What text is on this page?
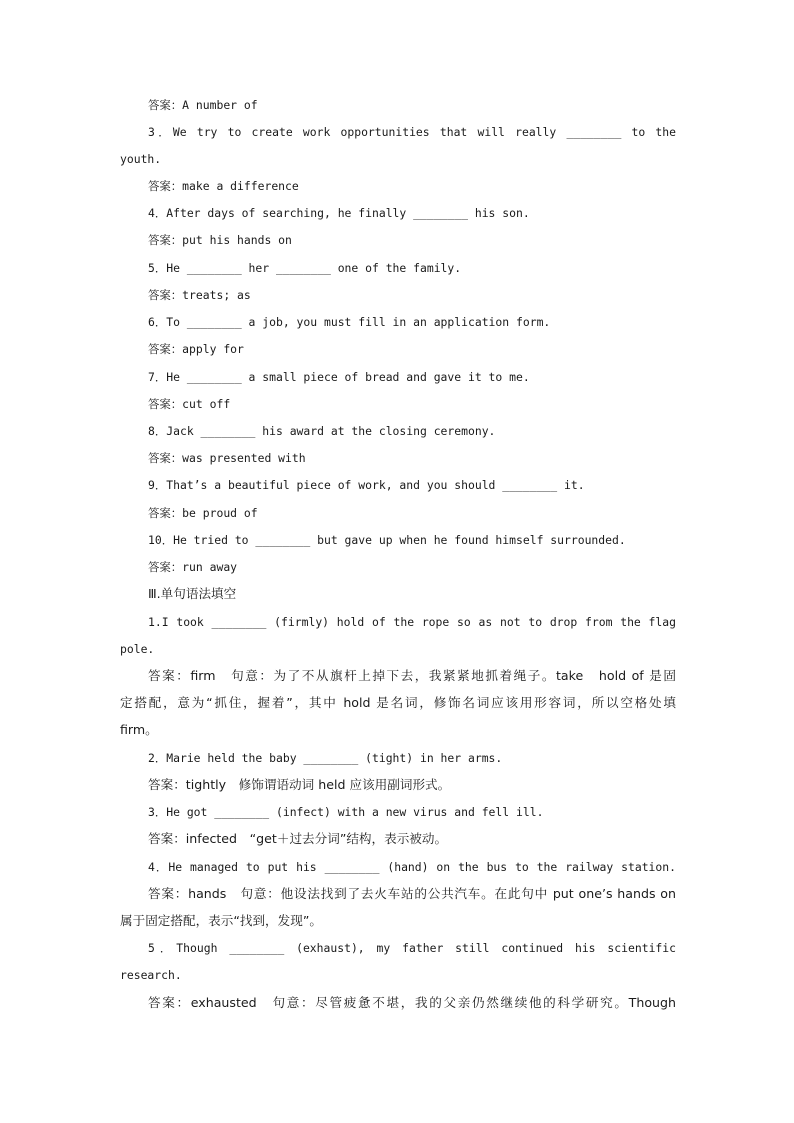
答案：A number of
3．We try to create work opportunities that will really ________ to the
youth.
答案：make a difference
4．After days of searching, he finally ________ his son.
答案：put his hands on
5．He ________ her ________ one of the family.
答案：treats; as
6．To ________ a job, you must fill in an application form.
答案：apply for
7．He ________ a small piece of bread and gave it to me.
答案：cut off
8．Jack ________ his award at the closing ceremony.
答案：was presented with
9．That’s a beautiful piece of work, and you should ________ it.
答案：be proud of
10．He tried to ________ but gave up when he found himself surrounded.
答案：run away
Ⅲ.单句语法填空
1.I took ________ (firmly) hold of the rope so as not to drop from the flag
pole.
答案：firm　句意：为了不从旗杆上掉下去，我紧紧地抓着绳子。take　hold of 是固
定搭配，意为“抓住，握着”，其中 hold 是名词，修饰名词应该用形容词，所以空格处填
firm。
2．Marie held the baby ________ (tight) in her arms.
答案：tightly　修饰谓语动词 held 应该用副词形式。
3．He got ________ (infect) with a new virus and fell ill.
答案：infected　“get＋过去分词”结构，表示被动。
4．He managed to put his ________ (hand) on the bus to the railway station.
答案：hands　句意：他设法找到了去火车站的公共汽车。在此句中 put one’s hands on
属于固定搭配，表示“找到，发现”。
5．Though ________ (exhaust), my father still continued his scientific
research.
答案：exhausted　句意：尽管疲惫不堪，我的父亲仍然继续他的科学研究。Though
